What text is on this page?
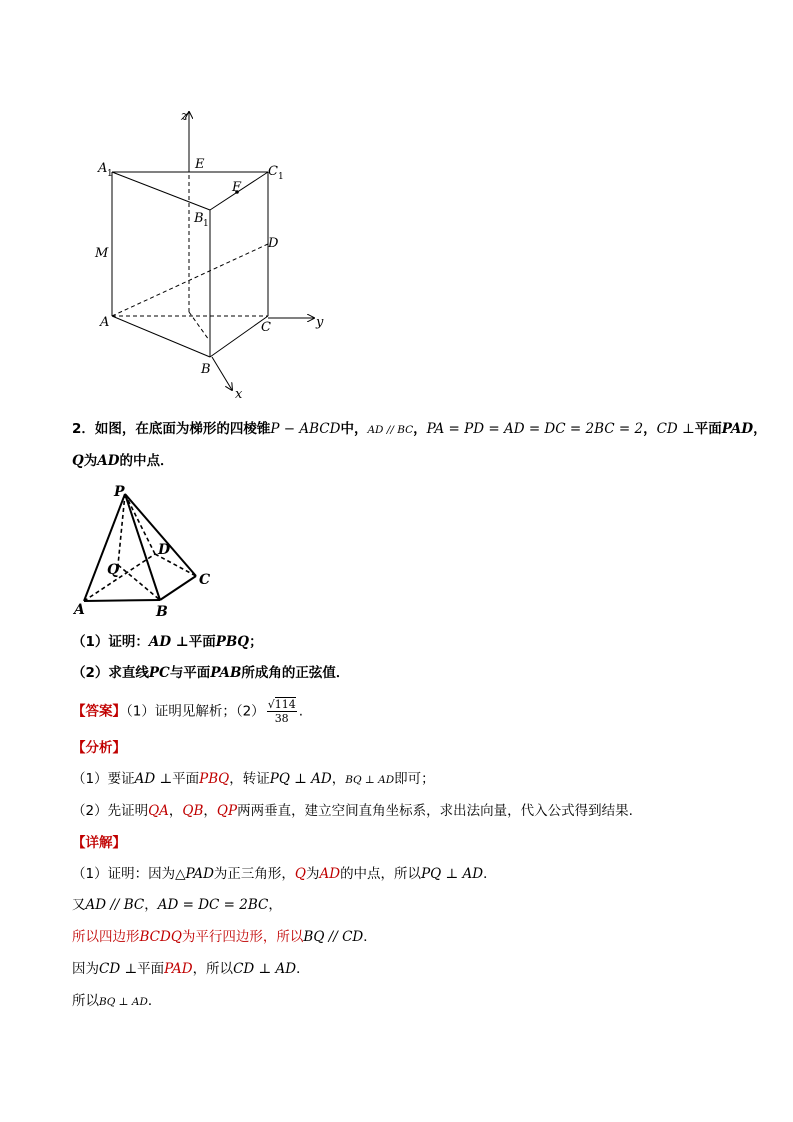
z
y
x
A 1
E	C 1
F
B 1
M
D
A	C
B
2．如图，在底面为梯形的四棱锥P − ABCD中，AD // BC，PA = PD = AD = DC = 2BC = 2，CD ⊥平面PAD，
Q为AD的中点．
P
Q
D
C
A	B
（1）证明：AD ⊥平面PBQ；
（2）求直线PC与平面PAB所成角的正弦值．
【答案】（1）证明见解析；$(2) \frac{√114}{38}$ .
【分析】
（1）要证AD ⊥平面PBQ，转证PQ ⊥ AD，BQ ⊥ AD即可；
（2）先证明QA，QB，QP两两垂直，建立空间直角坐标系，求出法向量，代入公式得到结果.
【详解】
（1）证明：因为△PAD为正三角形，Q为AD的中点，所以PQ ⊥ AD．
又AD // BC，AD = DC = 2BC，
所以四边形BCDQ为平行四边形，所以BQ // CD．
因为CD ⊥平面PAD，所以CD ⊥ AD．
所以BQ ⊥ AD．
